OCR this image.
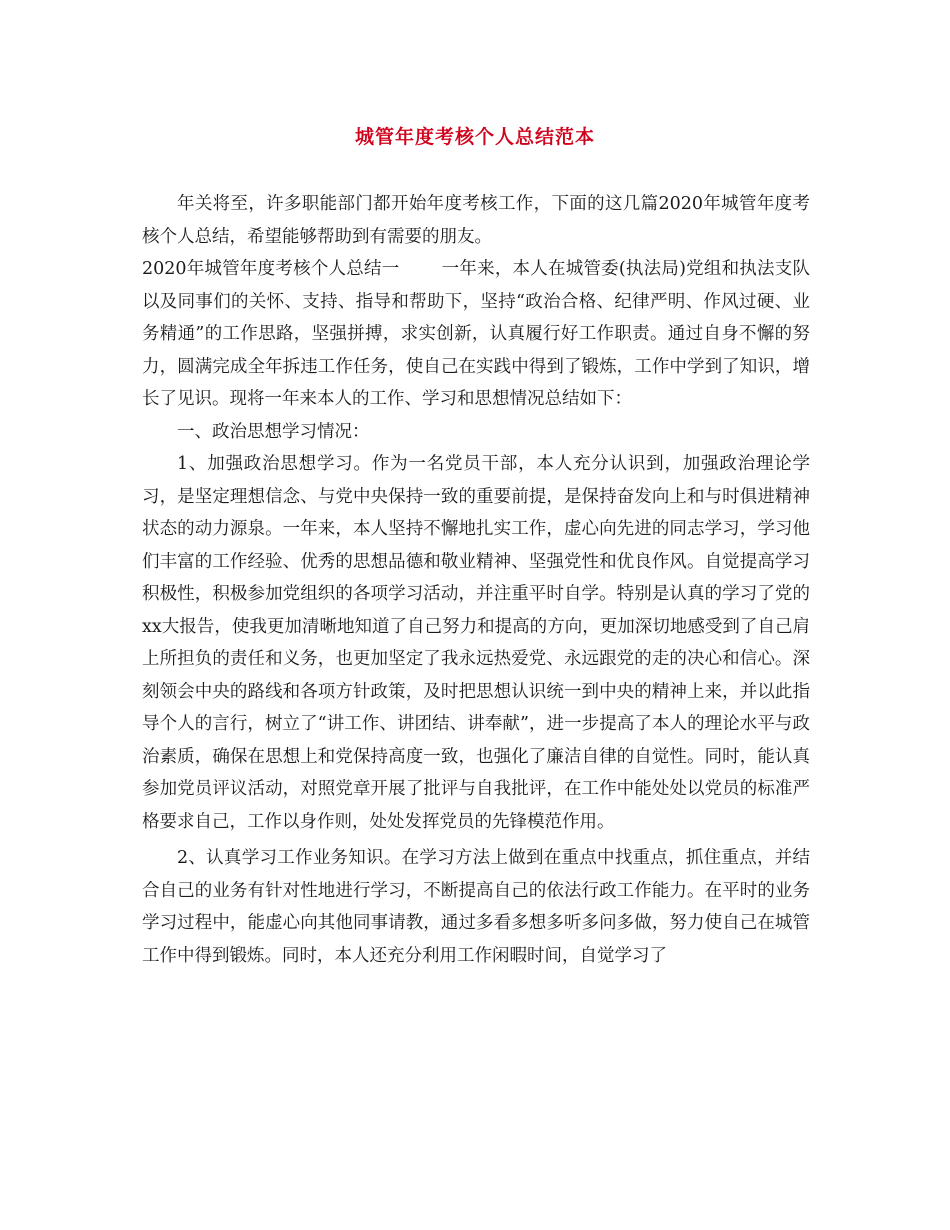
城管年度考核个人总结范本

年关将至，许多职能部门都开始年度考核工作，下面的这几篇2020年城管年度考核个人总结，希望能够帮助到有需要的朋友。

2020年城管年度考核个人总结一 一年来，本人在城管委(执法局)党组和执法支队以及同事们的关怀、支持、指导和帮助下，坚持“政治合格、纪律严明、作风过硬、业务精通”的工作思路，坚强拼搏，求实创新，认真履行好工作职责。通过自身不懈的努力，圆满完成全年拆违工作任务，使自己在实践中得到了锻炼，工作中学到了知识，增长了见识。现将一年来本人的工作、学习和思想情况总结如下：

一、政治思想学习情况：

1、加强政治思想学习。作为一名党员干部，本人充分认识到，加强政治理论学习，是坚定理想信念、与党中央保持一致的重要前提，是保持奋发向上和与时俱进精神状态的动力源泉。一年来，本人坚持不懈地扎实工作，虚心向先进的同志学习，学习他们丰富的工作经验、优秀的思想品德和敬业精神、坚强党性和优良作风。自觉提高学习积极性，积极参加党组织的各项学习活动，并注重平时自学。特别是认真的学习了党的xx大报告，使我更加清晰地知道了自己努力和提高的方向，更加深切地感受到了自己肩上所担负的责任和义务，也更加坚定了我永远热爱党、永远跟党的走的决心和信心。深刻领会中央的路线和各项方针政策，及时把思想认识统一到中央的精神上来，并以此指导个人的言行，树立了“讲工作、讲团结、讲奉献”，进一步提高了本人的理论水平与政治素质，确保在思想上和党保持高度一致，也强化了廉洁自律的自觉性。同时，能认真参加党员评议活动，对照党章开展了批评与自我批评，在工作中能处处以党员的标准严格要求自己，工作以身作则，处处发挥党员的先锋模范作用。

2、认真学习工作业务知识。在学习方法上做到在重点中找重点，抓住重点，并结合自己的业务有针对性地进行学习，不断提高自己的依法行政工作能力。在平时的业务学习过程中，能虚心向其他同事请教，通过多看多想多听多问多做，努力使自己在城管工作中得到锻炼。同时，本人还充分利用工作闲暇时间，自觉学习了
